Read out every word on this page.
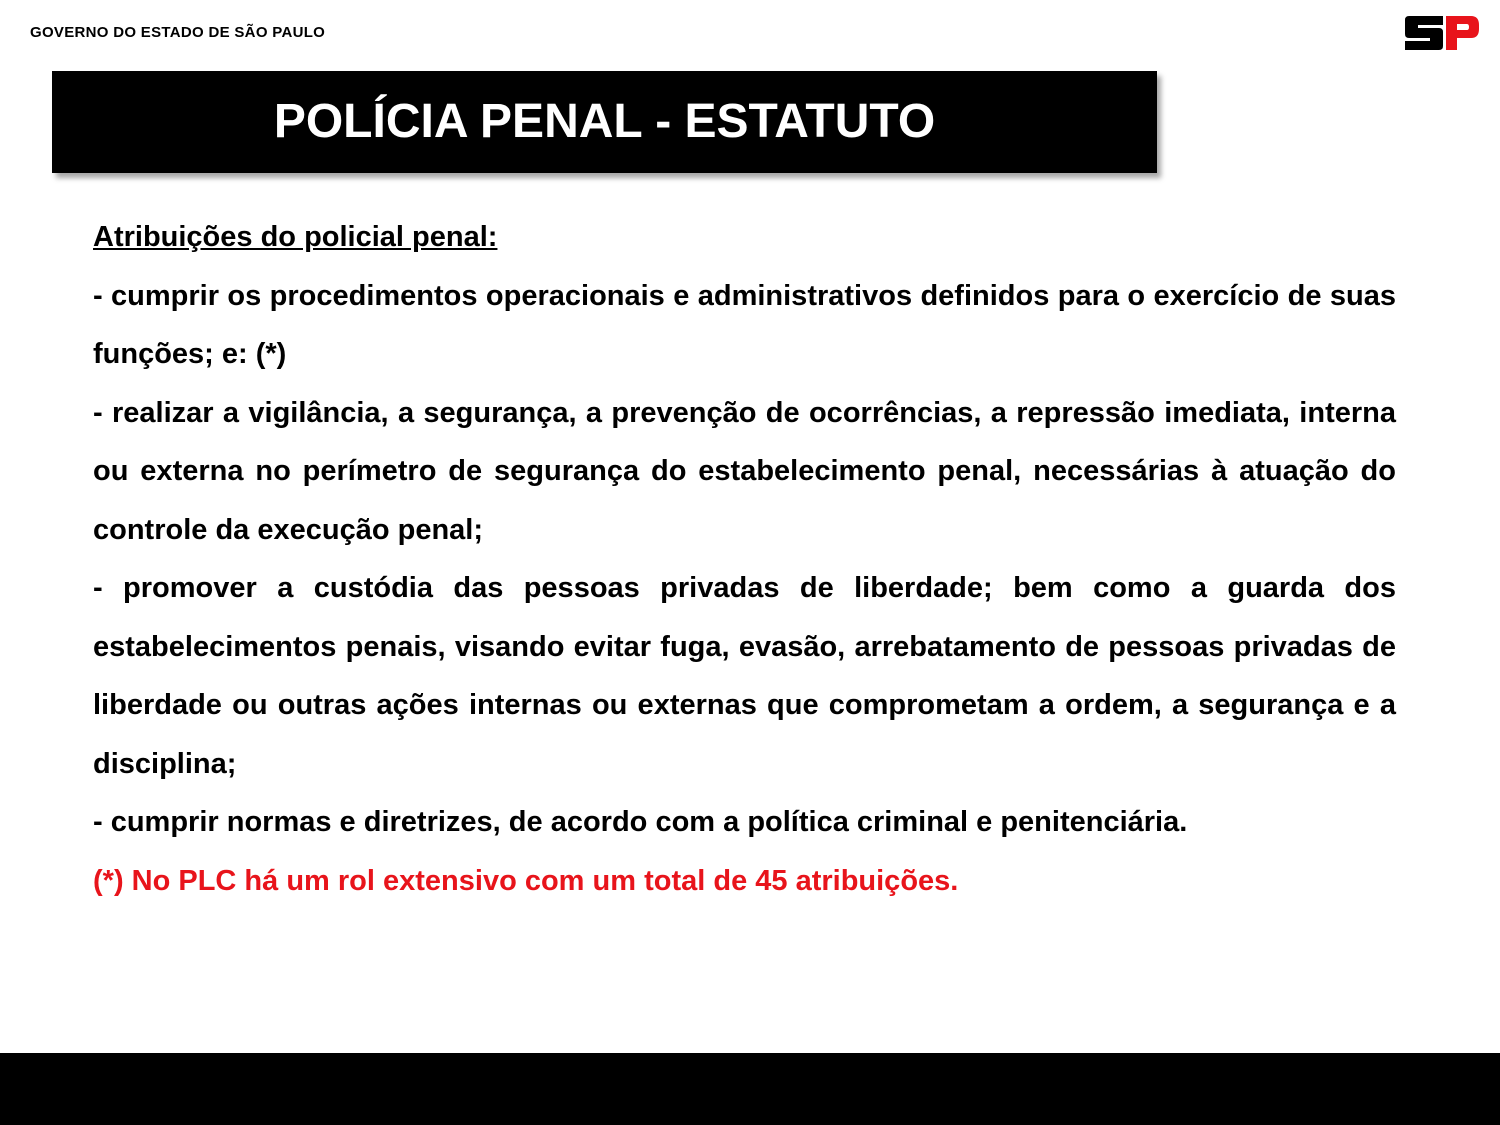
GOVERNO DO ESTADO DE SÃO PAULO
POLÍCIA PENAL - ESTATUTO

Atribuições do policial penal:

- cumprir os procedimentos operacionais e administrativos definidos para o exercício de suas funções; e: (*)

- realizar a vigilância, a segurança, a prevenção de ocorrências, a repressão imediata, interna ou externa no perímetro de segurança do estabelecimento penal, necessárias à atuação do controle da execução penal;

- promover a custódia das pessoas privadas de liberdade; bem como a guarda dos estabelecimentos penais, visando evitar fuga, evasão, arrebatamento de pessoas privadas de liberdade ou outras ações internas ou externas que comprometam a ordem, a segurança e a disciplina;

- cumprir normas e diretrizes, de acordo com a política criminal e penitenciária.

(*) No PLC há um rol extensivo com um total de 45 atribuições.
